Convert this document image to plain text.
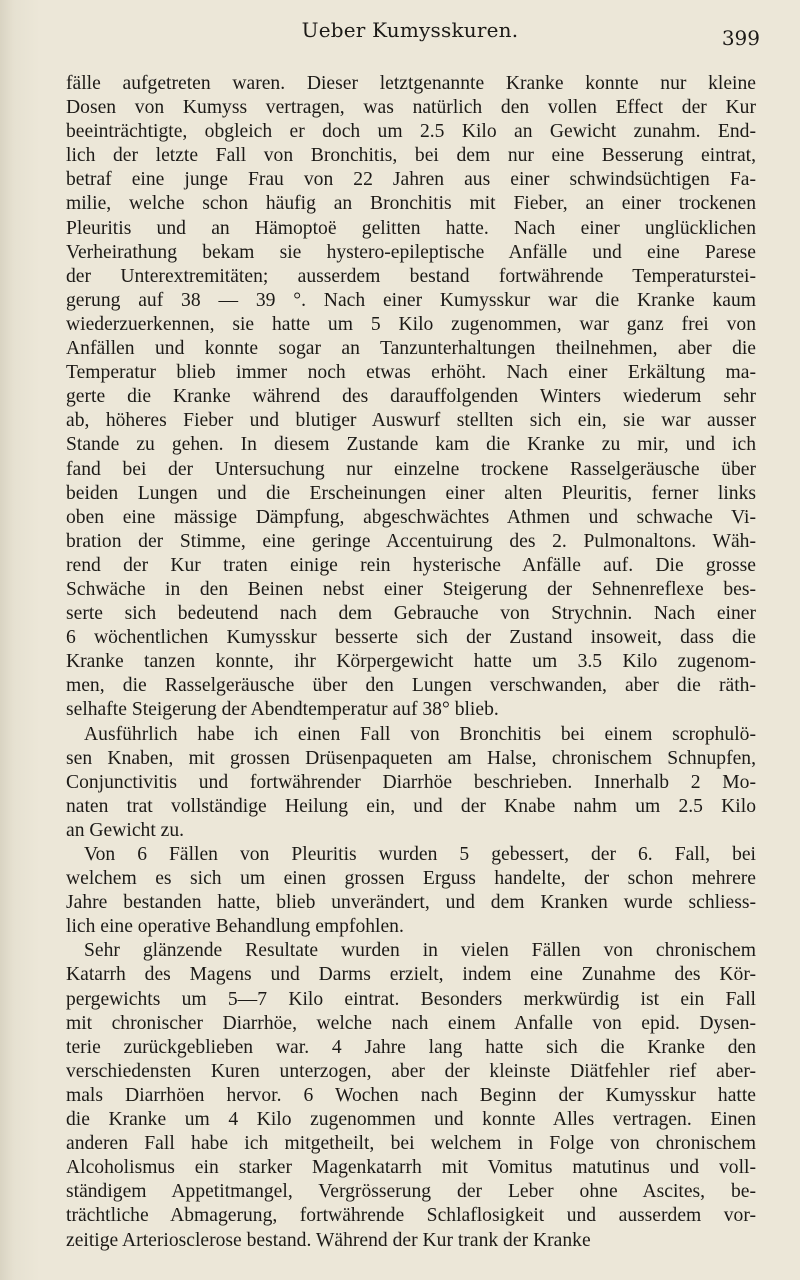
Ueber Kumysskuren.	399
fälle aufgetreten waren. Dieser letztgenannte Kranke konnte nur kleine
Dosen von Kumyss vertragen, was natürlich den vollen Effect der Kur
beeinträchtigte, obgleich er doch um 2.5 Kilo an Gewicht zunahm. End-
lich der letzte Fall von Bronchitis, bei dem nur eine Besserung eintrat,
betraf eine junge Frau von 22 Jahren aus einer schwindsüchtigen Fa-
milie, welche schon häufig an Bronchitis mit Fieber, an einer trockenen
Pleuritis und an Hämoptoë gelitten hatte. Nach einer unglücklichen
Verheirathung bekam sie hystero-epileptische Anfälle und eine Parese
der Unterextremitäten; ausserdem bestand fortwährende Temperaturstei-
gerung auf 38 — 39 °. Nach einer Kumysskur war die Kranke kaum
wiederzuerkennen, sie hatte um 5 Kilo zugenommen, war ganz frei von
Anfällen und konnte sogar an Tanzunterhaltungen theilnehmen, aber die
Temperatur blieb immer noch etwas erhöht. Nach einer Erkältung ma-
gerte die Kranke während des darauffolgenden Winters wiederum sehr
ab, höheres Fieber und blutiger Auswurf stellten sich ein, sie war ausser
Stande zu gehen. In diesem Zustande kam die Kranke zu mir, und ich
fand bei der Untersuchung nur einzelne trockene Rasselgeräusche über
beiden Lungen und die Erscheinungen einer alten Pleuritis, ferner links
oben eine mässige Dämpfung, abgeschwächtes Athmen und schwache Vi-
bration der Stimme, eine geringe Accentuirung des 2. Pulmonaltons. Wäh-
rend der Kur traten einige rein hysterische Anfälle auf. Die grosse
Schwäche in den Beinen nebst einer Steigerung der Sehnenreflexe bes-
serte sich bedeutend nach dem Gebrauche von Strychnin. Nach einer
6 wöchentlichen Kumysskur besserte sich der Zustand insoweit, dass die
Kranke tanzen konnte, ihr Körpergewicht hatte um 3.5 Kilo zugenom-
men, die Rasselgeräusche über den Lungen verschwanden, aber die räth-
selhafte Steigerung der Abendtemperatur auf 38° blieb.
Ausführlich habe ich einen Fall von Bronchitis bei einem scrophulö-
sen Knaben, mit grossen Drüsenpaqueten am Halse, chronischem Schnupfen,
Conjunctivitis und fortwährender Diarrhöe beschrieben. Innerhalb 2 Mo-
naten trat vollständige Heilung ein, und der Knabe nahm um 2.5 Kilo
an Gewicht zu.
Von 6 Fällen von Pleuritis wurden 5 gebessert, der 6. Fall, bei
welchem es sich um einen grossen Erguss handelte, der schon mehrere
Jahre bestanden hatte, blieb unverändert, und dem Kranken wurde schliess-
lich eine operative Behandlung empfohlen.
Sehr glänzende Resultate wurden in vielen Fällen von chronischem
Katarrh des Magens und Darms erzielt, indem eine Zunahme des Kör-
pergewichts um 5—7 Kilo eintrat. Besonders merkwürdig ist ein Fall
mit chronischer Diarrhöe, welche nach einem Anfalle von epid. Dysen-
terie zurückgeblieben war. 4 Jahre lang hatte sich die Kranke den
verschiedensten Kuren unterzogen, aber der kleinste Diätfehler rief aber-
mals Diarrhöen hervor. 6 Wochen nach Beginn der Kumysskur hatte
die Kranke um 4 Kilo zugenommen und konnte Alles vertragen. Einen
anderen Fall habe ich mitgetheilt, bei welchem in Folge von chronischem
Alcoholismus ein starker Magenkatarrh mit Vomitus matutinus und voll-
ständigem Appetitmangel, Vergrösserung der Leber ohne Ascites, be-
trächtliche Abmagerung, fortwährende Schlaflosigkeit und ausserdem vor-
zeitige Arteriosclerose bestand. Während der Kur trank der Kranke
